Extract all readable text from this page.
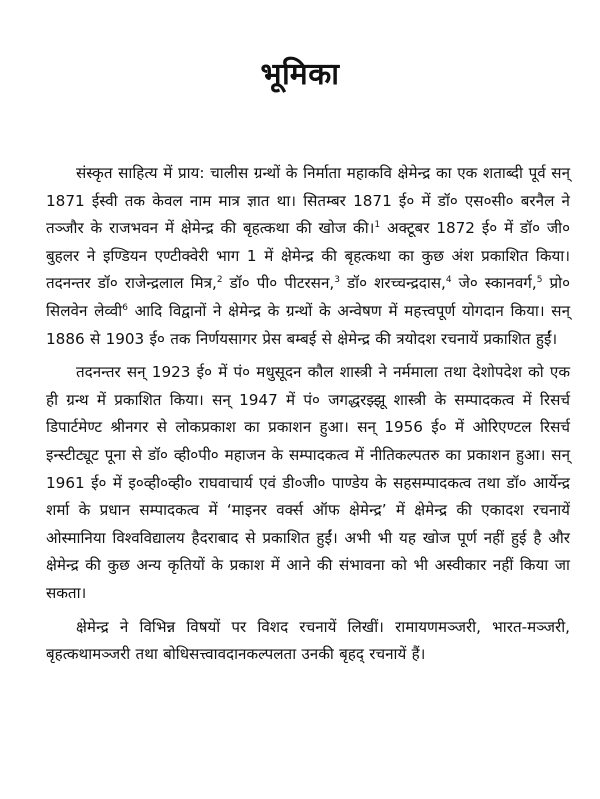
भूमिका

संस्कृत साहित्य में प्राय: चालीस ग्रन्थों के निर्माता महाकवि क्षेमेन्द्र का एक शताब्दी पूर्व सन् 1871 ईस्वी तक केवल नाम मात्र ज्ञात था। सितम्बर 1871 ई० में डॉ० एस०सी० बरनैल ने तञ्जौर के राजभवन में क्षेमेन्द्र की बृहत्कथा की खोज की।$^1$ अक्टूबर 1872 ई० में डॉ० जी० बुहलर ने इण्डियन एण्टीक्वेरी भाग 1 में क्षेमेन्द्र की बृहत्कथा का कुछ अंश प्रकाशित किया। तदनन्तर डॉ० राजेन्द्रलाल मित्र,$^2$ डॉ० पी० पीटरसन,$^3$ डॉ० शरच्चन्द्रदास,$^4$ जे० स्कानवर्ग,$^5$ प्रो० सिलवेन लेव्वी$^6$ आदि विद्वानों ने क्षेमेन्द्र के ग्रन्थों के अन्वेषण में महत्त्वपूर्ण योगदान किया। सन् 1886 से 1903 ई० तक निर्णयसागर प्रेस बम्बई से क्षेमेन्द्र की त्रयोदश रचनायें प्रकाशित हुईं।

तदनन्तर सन् 1923 ई० में पं० मधुसूदन कौल शास्त्री ने नर्ममाला तथा देशोपदेश को एक ही ग्रन्थ में प्रकाशित किया। सन् 1947 में पं० जगद्धरझ्झू शास्त्री के सम्पादकत्व में रिसर्च डिपार्टमेण्ट श्रीनगर से लोकप्रकाश का प्रकाशन हुआ। सन् 1956 ई० में ओरिएण्टल रिसर्च इन्स्टीट्यूट पूना से डॉ० व्ही०पी० महाजन के सम्पादकत्व में नीतिकल्पतरु का प्रकाशन हुआ। सन् 1961 ई० में इ०व्ही०व्ही० राघवाचार्य एवं डी०जी० पाण्डेय के सहसम्पादकत्व तथा डॉ० आर्येन्द्र शर्मा के प्रधान सम्पादकत्व में ‘माइनर वर्क्स ऑफ क्षेमेन्द्र’ में क्षेमेन्द्र की एकादश रचनायें ओस्मानिया विश्वविद्यालय हैदराबाद से प्रकाशित हुईं। अभी भी यह खोज पूर्ण नहीं हुई है और क्षेमेन्द्र की कुछ अन्य कृतियों के प्रकाश में आने की संभावना को भी अस्वीकार नहीं किया जा सकता।

क्षेमेन्द्र ने विभिन्न विषयों पर विशद रचनायें लिखीं। रामायणमञ्जरी, भारत-मञ्जरी, बृहत्कथामञ्जरी तथा बोधिसत्त्वावदानकल्पलता उनकी बृहद् रचनायें हैं।
